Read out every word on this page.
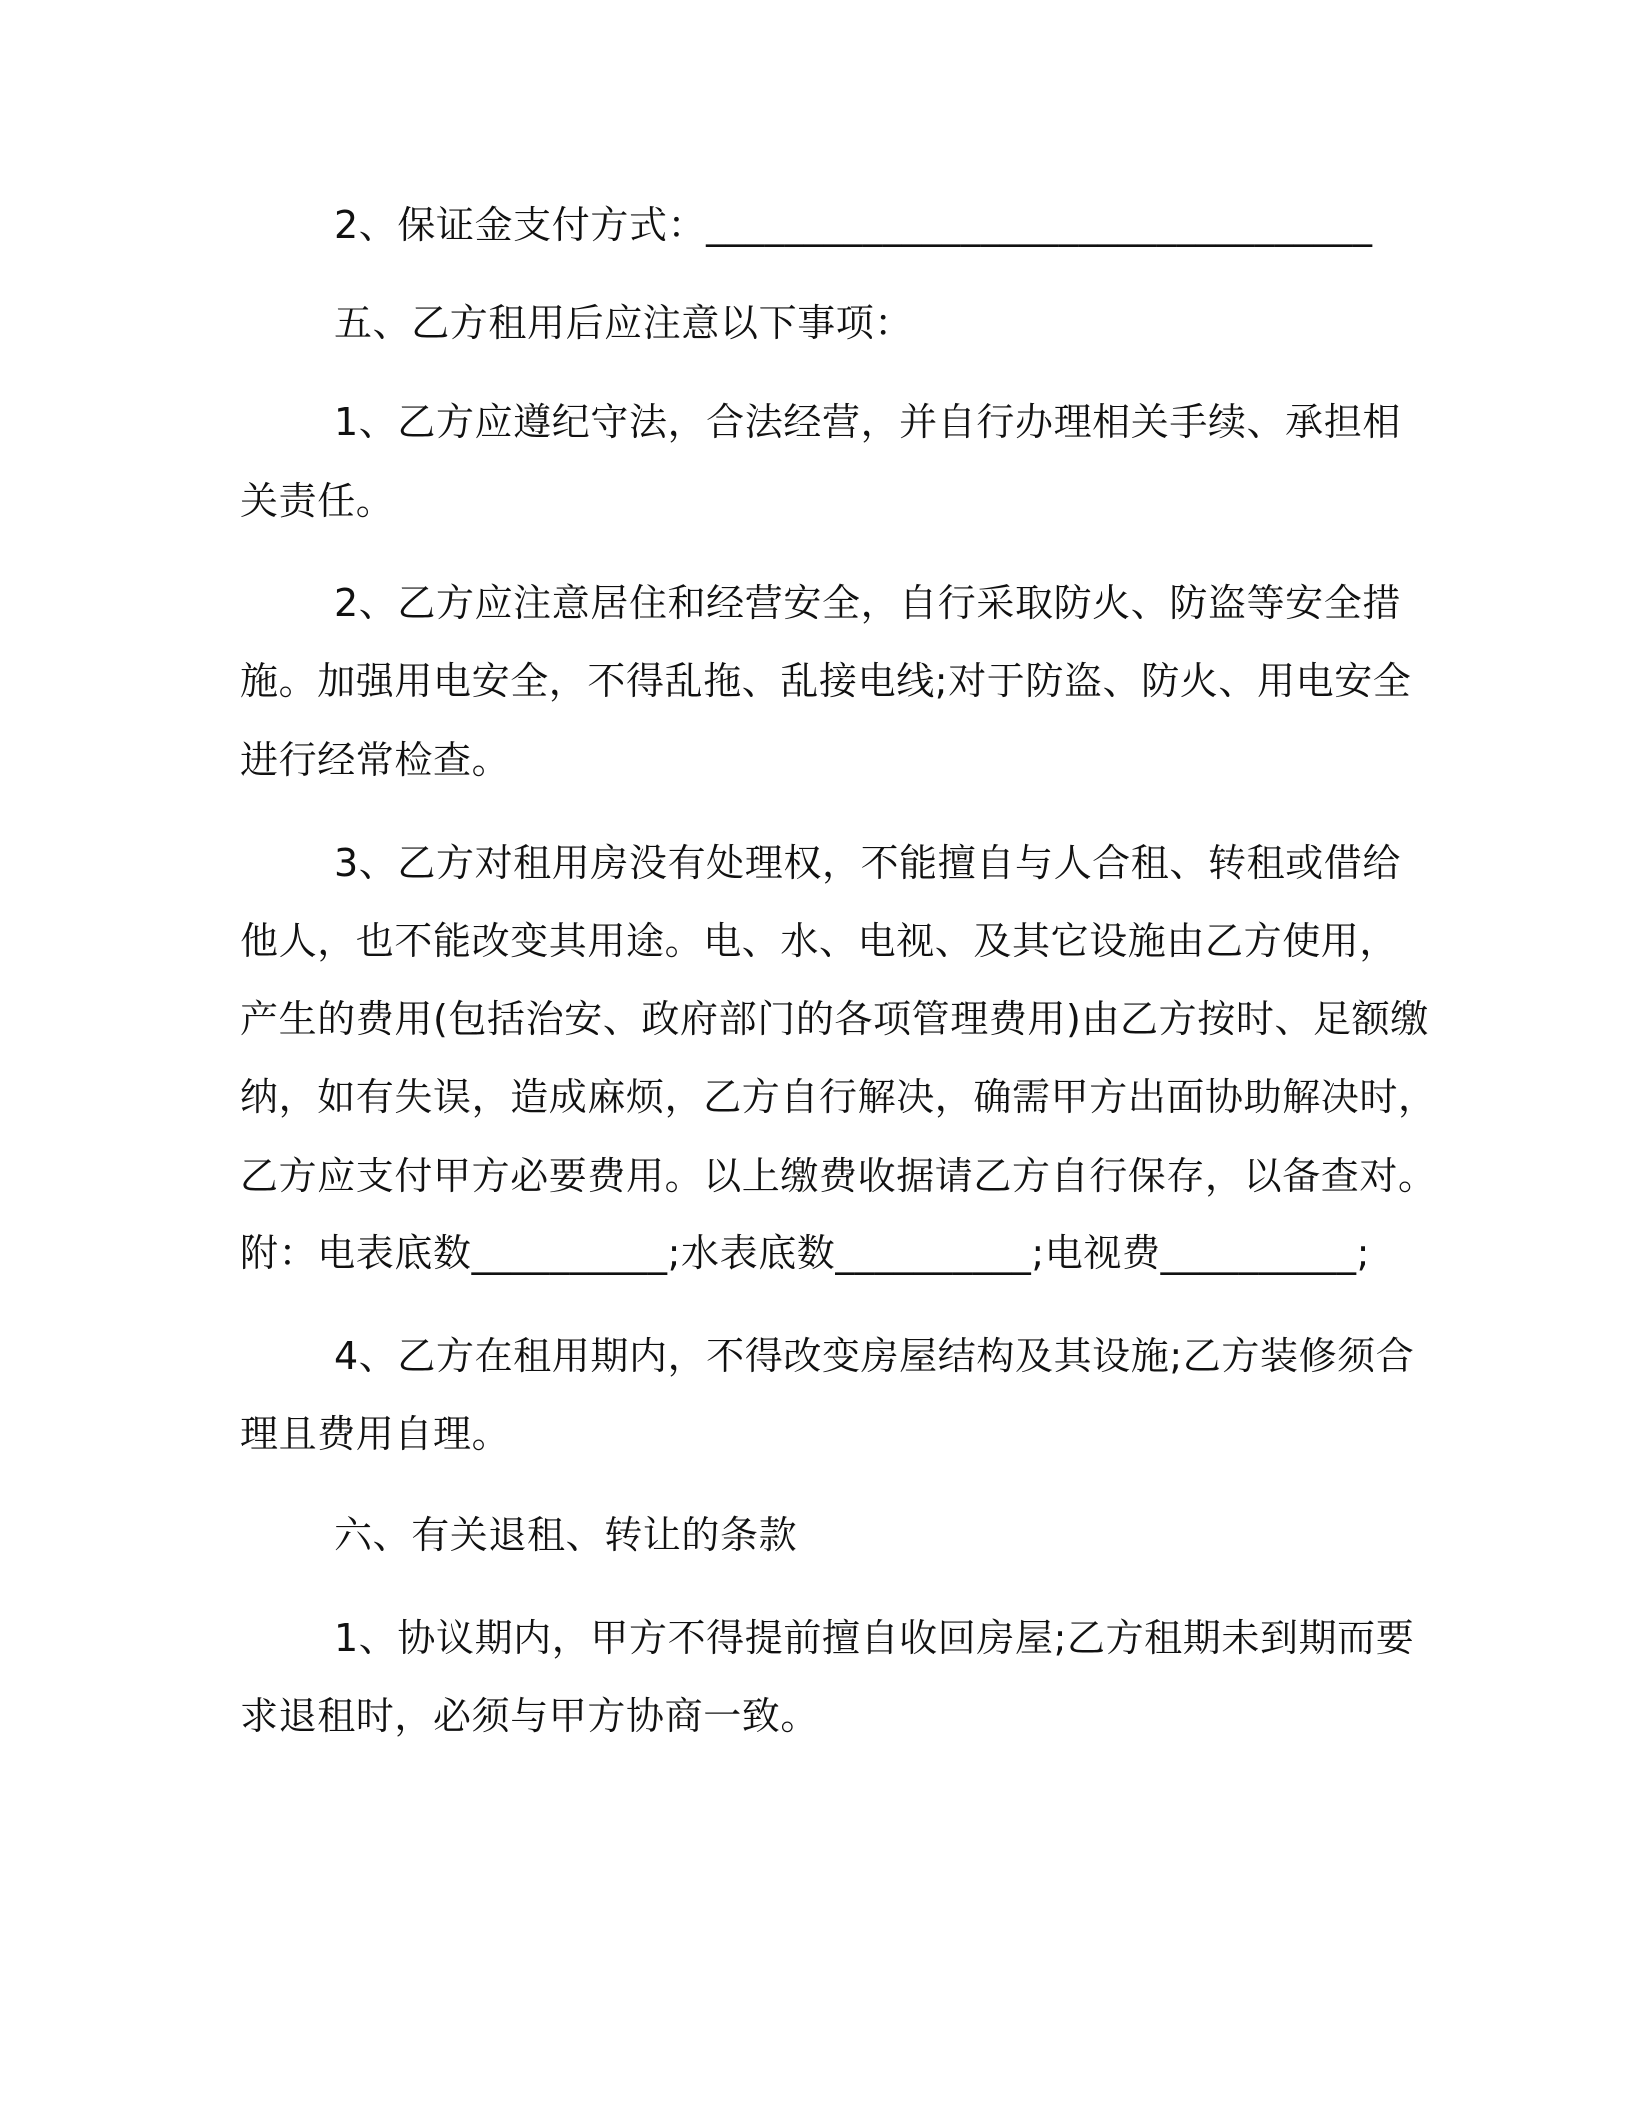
2、保证金支付方式：__________________________________
五、乙方租用后应注意以下事项：
1、乙方应遵纪守法，合法经营，并自行办理相关手续、承担相
关责任。
2、乙方应注意居住和经营安全，自行采取防火、防盗等安全措
施。加强用电安全，不得乱拖、乱接电线;对于防盗、防火、用电安全
进行经常检查。
3、乙方对租用房没有处理权，不能擅自与人合租、转租或借给
他人，也不能改变其用途。电、水、电视、及其它设施由乙方使用，
产生的费用(包括治安、政府部门的各项管理费用)由乙方按时、足额缴
纳，如有失误，造成麻烦，乙方自行解决，确需甲方出面协助解决时，
乙方应支付甲方必要费用。以上缴费收据请乙方自行保存，以备查对。
附：电表底数__________;水表底数__________;电视费__________;
4、乙方在租用期内，不得改变房屋结构及其设施;乙方装修须合
理且费用自理。
六、有关退租、转让的条款
1、协议期内，甲方不得提前擅自收回房屋;乙方租期未到期而要
求退租时，必须与甲方协商一致。
